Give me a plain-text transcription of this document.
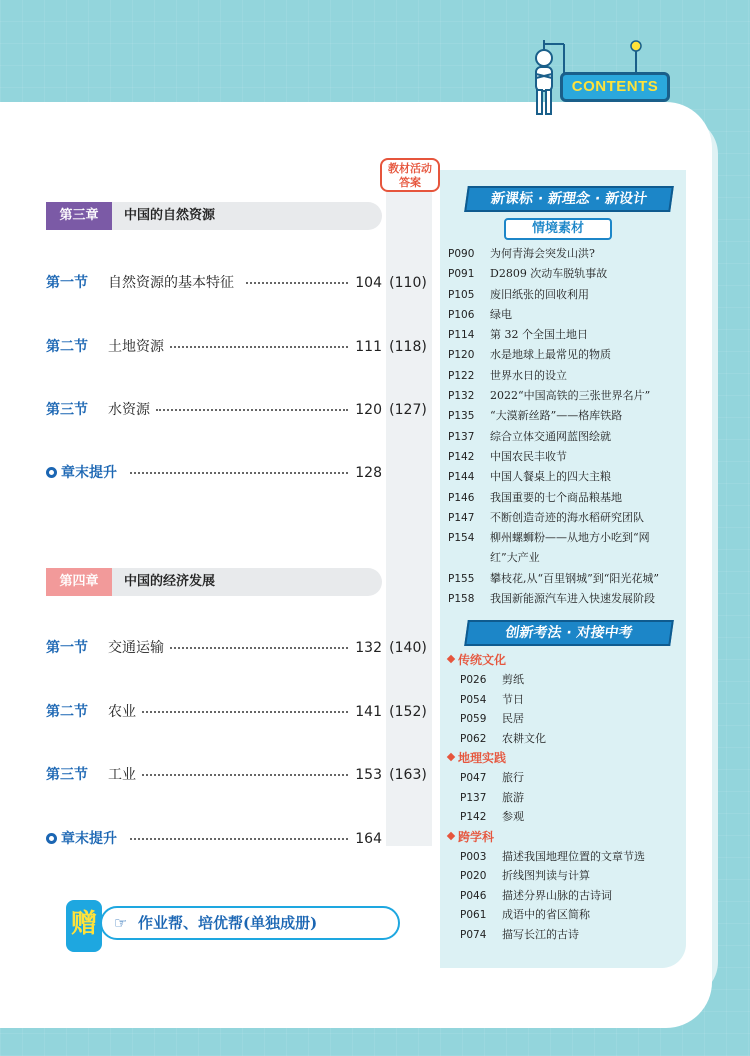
CONTENTS
教材活动
答案
第三章	中国的自然资源
第一节 自然资源的基本特征	104 (110)
第二节 土地资源	111 (118)
第三节 水资源	120 (127)
章末提升	128
第四章	中国的经济发展
第一节 交通运输	132 (140)
第二节 农业	141 (152)
第三节 工业	153 (163)
章末提升	164
☞ 作业帮、培优帮(单独成册)
赠
新课标 · 新理念 · 新设计
情境素材
P090 为何青海会突发山洪?
P091 D2809 次动车脱轨事故
P105 废旧纸张的回收利用
P106 绿电
P114 第 32 个全国土地日
P120 水是地球上最常见的物质
P122 世界水日的设立
P132 2022“中国高铁的三张世界名片”
P135 “大漠新丝路”——格库铁路
P137 综合立体交通网蓝图绘就
P142 中国农民丰收节
P144 中国人餐桌上的四大主粮
P146 我国重要的七个商品粮基地
P147 不断创造奇迹的海水稻研究团队
P154 柳州螺蛳粉——从地方小吃到“网
红”大产业
P155 攀枝花,从“百里钢城”到“阳光花城”
P158 我国新能源汽车进入快速发展阶段
创新考法 · 对接中考
传统文化
P026 剪纸
P054 节日
P059 民居
P062 农耕文化
地理实践
P047 旅行
P137 旅游
P142 参观
跨学科
P003 描述我国地理位置的文章节选
P020 折线图判读与计算
P046 描述分界山脉的古诗词
P061 成语中的省区简称
P074 描写长江的古诗
